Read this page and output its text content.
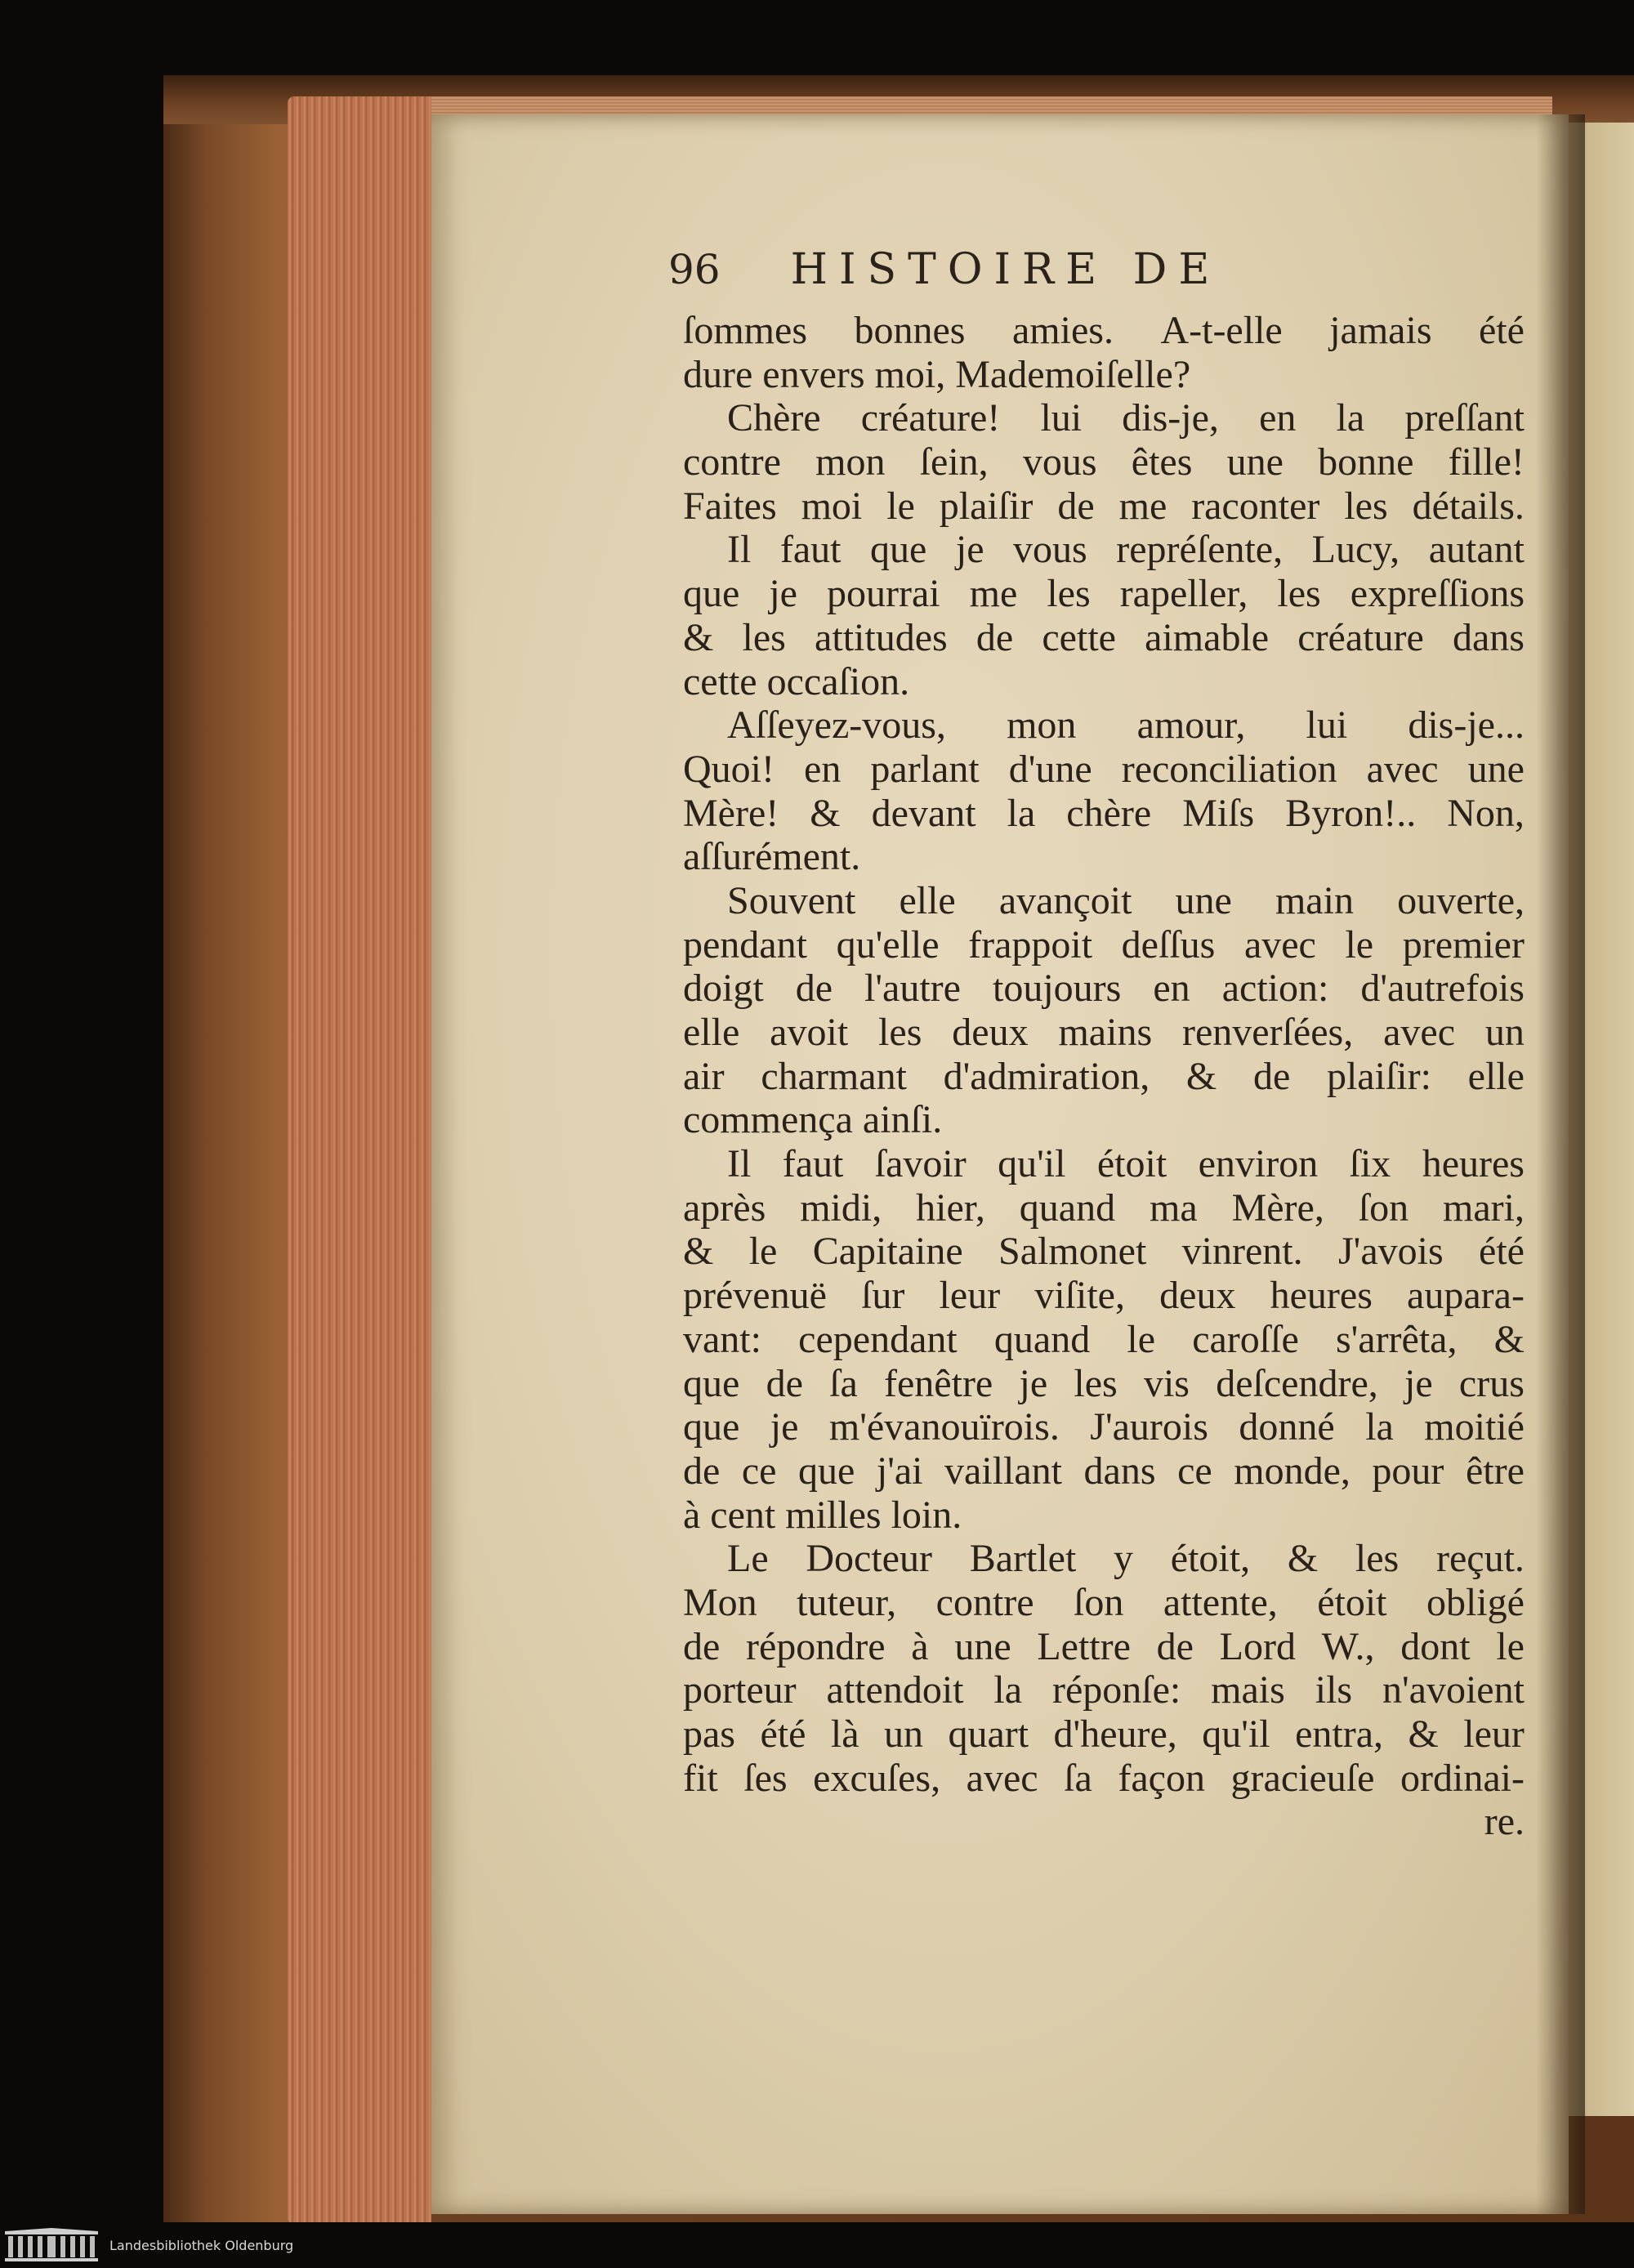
96 HISTOIRE DE
ſommes bonnes amies. A-t-elle jamais été
dure envers moi, Mademoiſelle?
Chère créature! lui dis-je, en la preſſant
contre mon ſein, vous êtes une bonne fille!
Faites moi le plaiſir de me raconter les détails.
Il faut que je vous repréſente, Lucy, autant
que je pourrai me les rapeller, les expreſſions
& les attitudes de cette aimable créature dans
cette occaſion.
Aſſeyez-vous, mon amour, lui dis-je...
Quoi! en parlant d'une reconciliation avec une
Mère! & devant la chère Miſs Byron!.. Non,
aſſurément.
Souvent elle avançoit une main ouverte,
pendant qu'elle frappoit deſſus avec le premier
doigt de l'autre toujours en action: d'autrefois
elle avoit les deux mains renverſées, avec un
air charmant d'admiration, & de plaiſir: elle
commença ainſi.
Il faut ſavoir qu'il étoit environ ſix heures
après midi, hier, quand ma Mère, ſon mari,
& le Capitaine Salmonet vinrent. J'avois été
prévenuë ſur leur viſite, deux heures aupara-
vant: cependant quand le caroſſe s'arrêta, &
que de ſa fenêtre je les vis deſcendre, je crus
que je m'évanouïrois. J'aurois donné la moitié
de ce que j'ai vaillant dans ce monde, pour être
à cent milles loin.
Le Docteur Bartlet y étoit, & les reçut.
Mon tuteur, contre ſon attente, étoit obligé
de répondre à une Lettre de Lord W., dont le
porteur attendoit la réponſe: mais ils n'avoient
pas été là un quart d'heure, qu'il entra, & leur
fit ſes excuſes, avec ſa façon gracieuſe ordinai-
re.
Landesbibliothek Oldenburg
